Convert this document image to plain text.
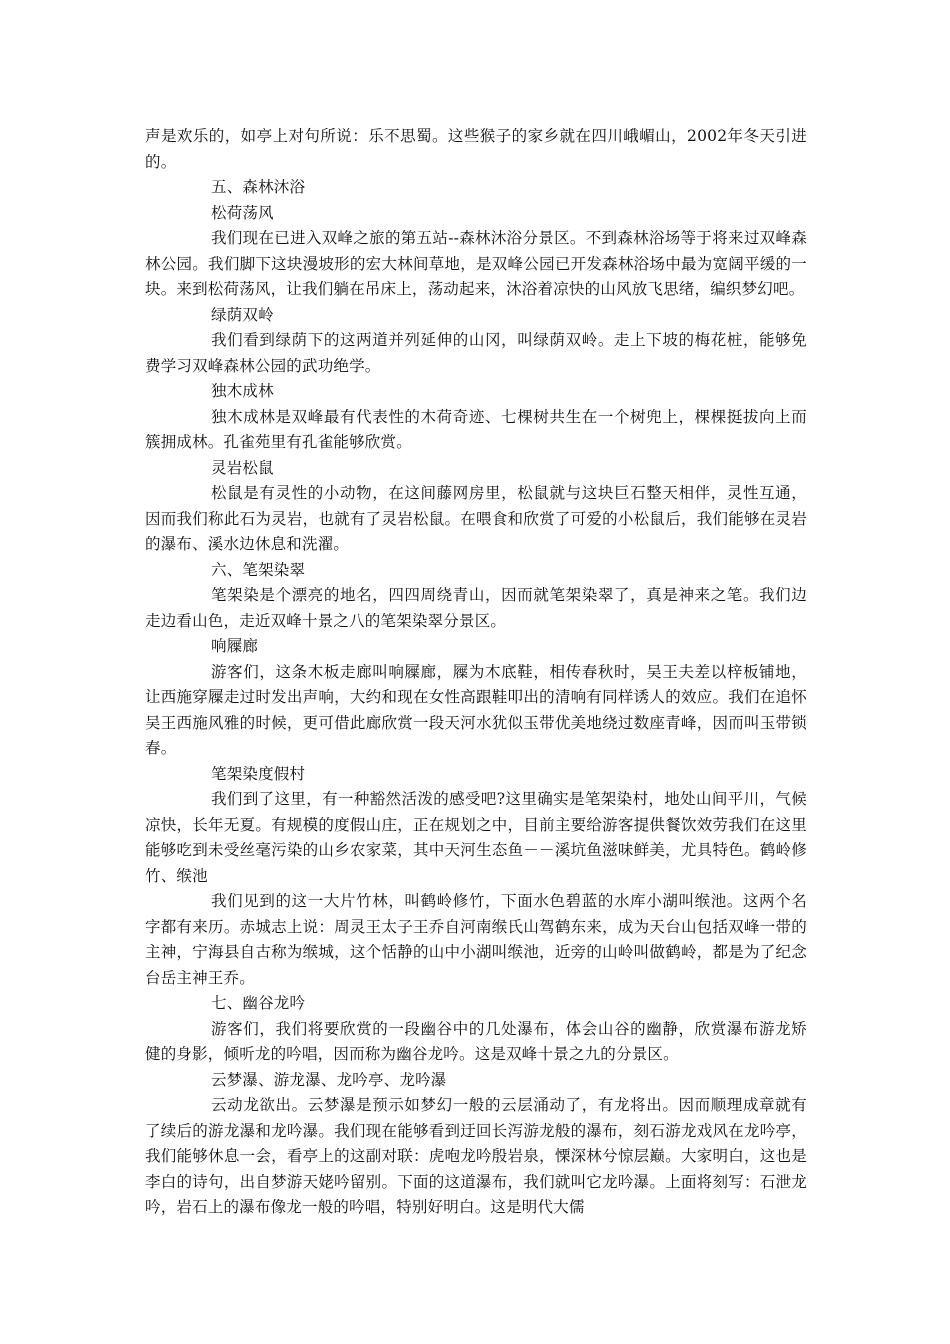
声是欢乐的，如亭上对句所说：乐不思蜀。这些猴子的家乡就在四川峨嵋山，2002年冬天引进的。

五、森林沐浴

松荷荡风

我们现在已进入双峰之旅的第五站--森林沐浴分景区。不到森林浴场等于将来过双峰森林公园。我们脚下这块漫坡形的宏大林间草地，是双峰公园已开发森林浴场中最为宽阔平缓的一块。来到松荷荡风，让我们躺在吊床上，荡动起来，沐浴着凉快的山风放飞思绪，编织梦幻吧。

绿荫双岭

我们看到绿荫下的这两道并列延伸的山冈，叫绿荫双岭。走上下坡的梅花桩，能够免费学习双峰森林公园的武功绝学。

独木成林

独木成林是双峰最有代表性的木荷奇迹、七棵树共生在一个树兜上，棵棵挺拔向上而簇拥成林。孔雀苑里有孔雀能够欣赏。

灵岩松鼠

松鼠是有灵性的小动物，在这间藤网房里，松鼠就与这块巨石整天相伴，灵性互通，因而我们称此石为灵岩，也就有了灵岩松鼠。在喂食和欣赏了可爱的小松鼠后，我们能够在灵岩的瀑布、溪水边休息和洗濯。

六、笔架染翠

笔架染是个漂亮的地名，四四周绕青山，因而就笔架染翠了，真是神来之笔。我们边走边看山色，走近双峰十景之八的笔架染翠分景区。

响屧廊

游客们，这条木板走廊叫响屧廊，屧为木底鞋，相传春秋时，吴王夫差以梓板铺地，让西施穿屧走过时发出声响，大约和现在女性高跟鞋叩出的清响有同样诱人的效应。我们在追怀吴王西施风雅的时候，更可借此廊欣赏一段天河水犹似玉带优美地绕过数座青峰，因而叫玉带锁春。

笔架染度假村

我们到了这里，有一种豁然活泼的感受吧?这里确实是笔架染村，地处山间平川，气候凉快，长年无夏。有规模的度假山庄，正在规划之中，目前主要给游客提供餐饮效劳我们在这里能够吃到未受丝毫污染的山乡农家菜，其中天河生态鱼－－溪坑鱼滋味鲜美，尤具特色。鹤岭修竹、缑池

我们见到的这一大片竹林，叫鹤岭修竹，下面水色碧蓝的水库小湖叫缑池。这两个名字都有来历。赤城志上说：周灵王太子王乔自河南缑氏山驾鹤东来，成为天台山包括双峰一带的主神，宁海县自古称为缑城，这个恬静的山中小湖叫缑池，近旁的山岭叫做鹤岭，都是为了纪念台岳主神王乔。

七、幽谷龙吟

游客们，我们将要欣赏的一段幽谷中的几处瀑布，体会山谷的幽静，欣赏瀑布游龙矫健的身影，倾听龙的吟唱，因而称为幽谷龙吟。这是双峰十景之九的分景区。

云梦瀑、游龙瀑、龙吟亭、龙吟瀑

云动龙欲出。云梦瀑是预示如梦幻一般的云层涌动了，有龙将出。因而顺理成章就有了续后的游龙瀑和龙吟瀑。我们现在能够看到迂回长泻游龙般的瀑布，刻石游龙戏风在龙吟亭，我们能够休息一会，看亭上的这副对联：虎咆龙吟殷岩泉，慄深林兮惊层巅。大家明白，这也是李白的诗句，出自梦游天姥吟留别。下面的这道瀑布，我们就叫它龙吟瀑。上面将刻写：石泄龙吟，岩石上的瀑布像龙一般的吟唱，特别好明白。这是明代大儒
